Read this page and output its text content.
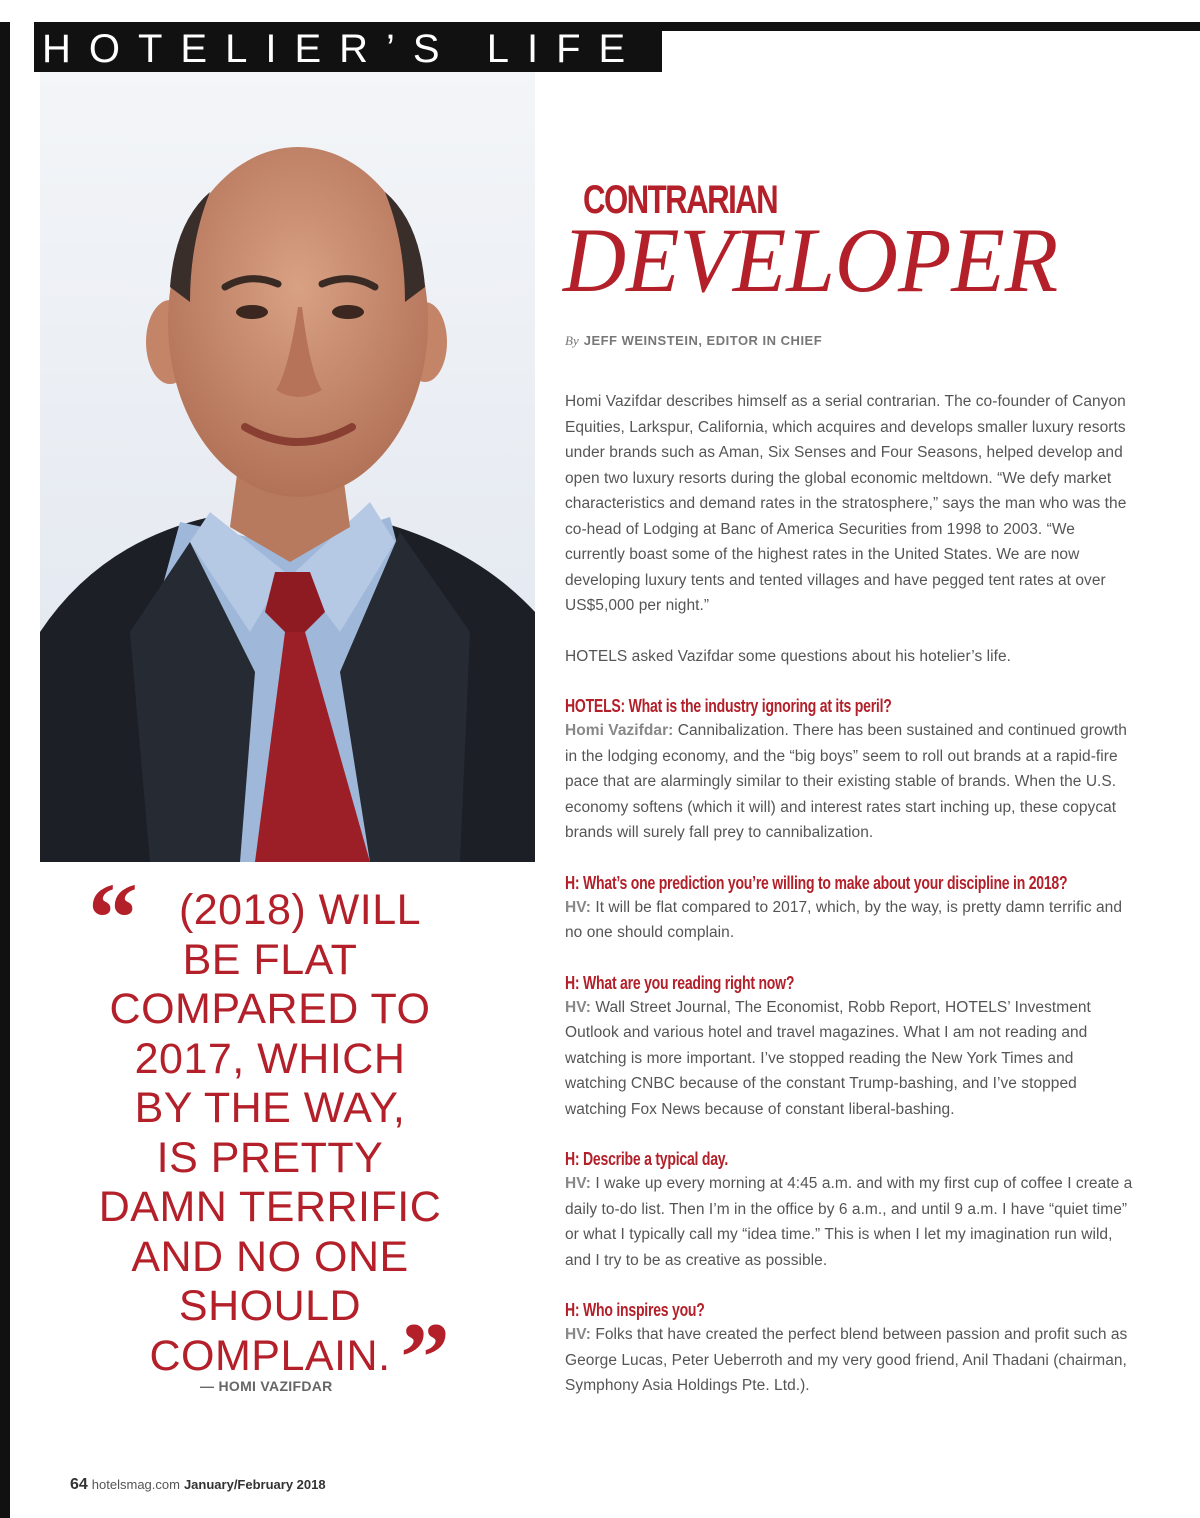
HOTELIER’S LIFE
CONTRARIAN
DEVELOPER
By JEFF WEINSTEIN, EDITOR IN CHIEF

Homi Vazifdar describes himself as a serial contrarian. The co-founder of Canyon Equities, Larkspur, California, which acquires and develops smaller luxury resorts under brands such as Aman, Six Senses and Four Seasons, helped develop and open two luxury resorts during the global economic meltdown. “We defy market characteristics and demand rates in the stratosphere,” says the man who was the co-head of Lodging at Banc of America Securities from 1998 to 2003. “We currently boast some of the highest rates in the United States. We are now developing luxury tents and tented villages and have pegged tent rates at over US$5,000 per night.”

HOTELS asked Vazifdar some questions about his hotelier’s life.

HOTELS: What is the industry ignoring at its peril?

Homi Vazifdar: Cannibalization. There has been sustained and continued growth in the lodging economy, and the “big boys” seem to roll out brands at a rapid-fire pace that are alarmingly similar to their existing stable of brands. When the U.S. economy softens (which it will) and interest rates start inching up, these copycat brands will surely fall prey to cannibalization.

H: What’s one prediction you’re willing to make about your discipline in 2018?

HV: It will be flat compared to 2017, which, by the way, is pretty damn terrific and no one should complain.

H: What are you reading right now?

HV: Wall Street Journal, The Economist, Robb Report, HOTELS’ Investment Outlook and various hotel and travel magazines. What I am not reading and watching is more important. I’ve stopped reading the New York Times and watching CNBC because of the constant Trump-bashing, and I’ve stopped watching Fox News because of constant liberal-bashing.

H: Describe a typical day.

HV: I wake up every morning at 4:45 a.m. and with my first cup of coffee I create a daily to-do list. Then I’m in the office by 6 a.m., and until 9 a.m. I have “quiet time” or what I typically call my “idea time.” This is when I let my imagination run wild, and I try to be as creative as possible.

H: Who inspires you?

HV: Folks that have created the perfect blend between passion and profit such as George Lucas, Peter Ueberroth and my very good friend, Anil Thadani (chairman, Symphony Asia Holdings Pte. Ltd.).

“ (2018) WILL
BE FLAT
COMPARED TO
2017, WHICH
BY THE WAY,
IS PRETTY
DAMN TERRIFIC
AND NO ONE
SHOULD
COMPLAIN. ”
— HOMI VAZIFDAR
64 hotelsmag.com January/February 2018
